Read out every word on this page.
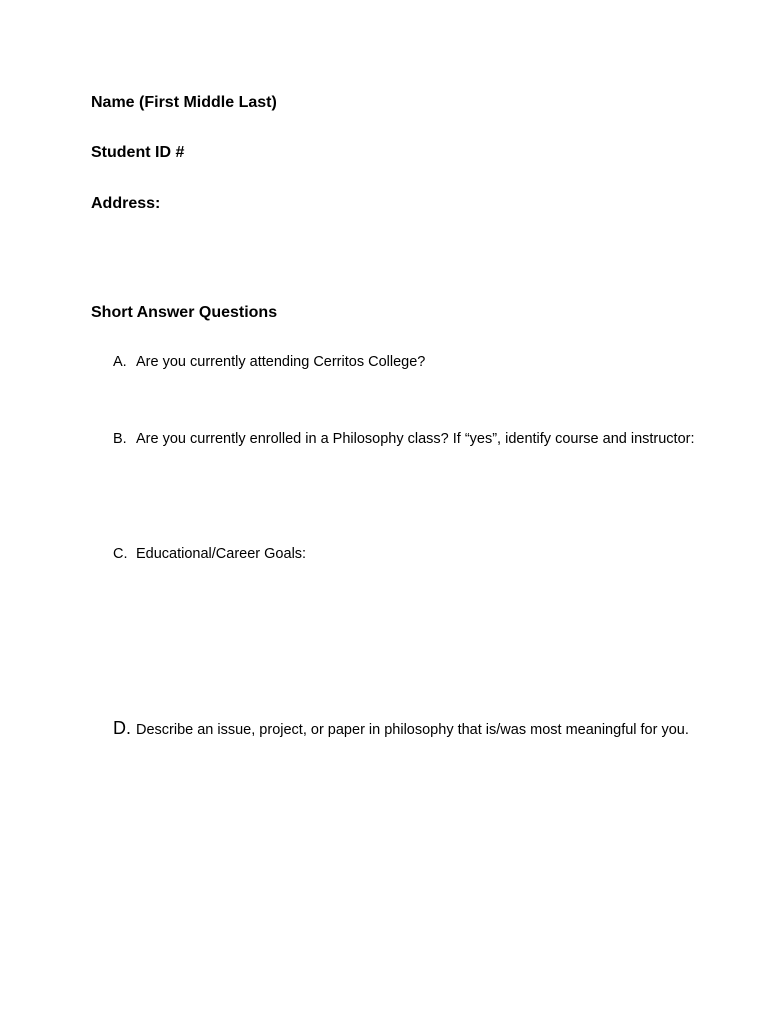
Name (First Middle Last)
Student ID #
Address:
Short Answer Questions
A. Are you currently attending Cerritos College?
B. Are you currently enrolled in a Philosophy class? If “yes”, identify course and instructor:
C. Educational/Career Goals:
D. Describe an issue, project, or paper in philosophy that is/was most meaningful for you.
